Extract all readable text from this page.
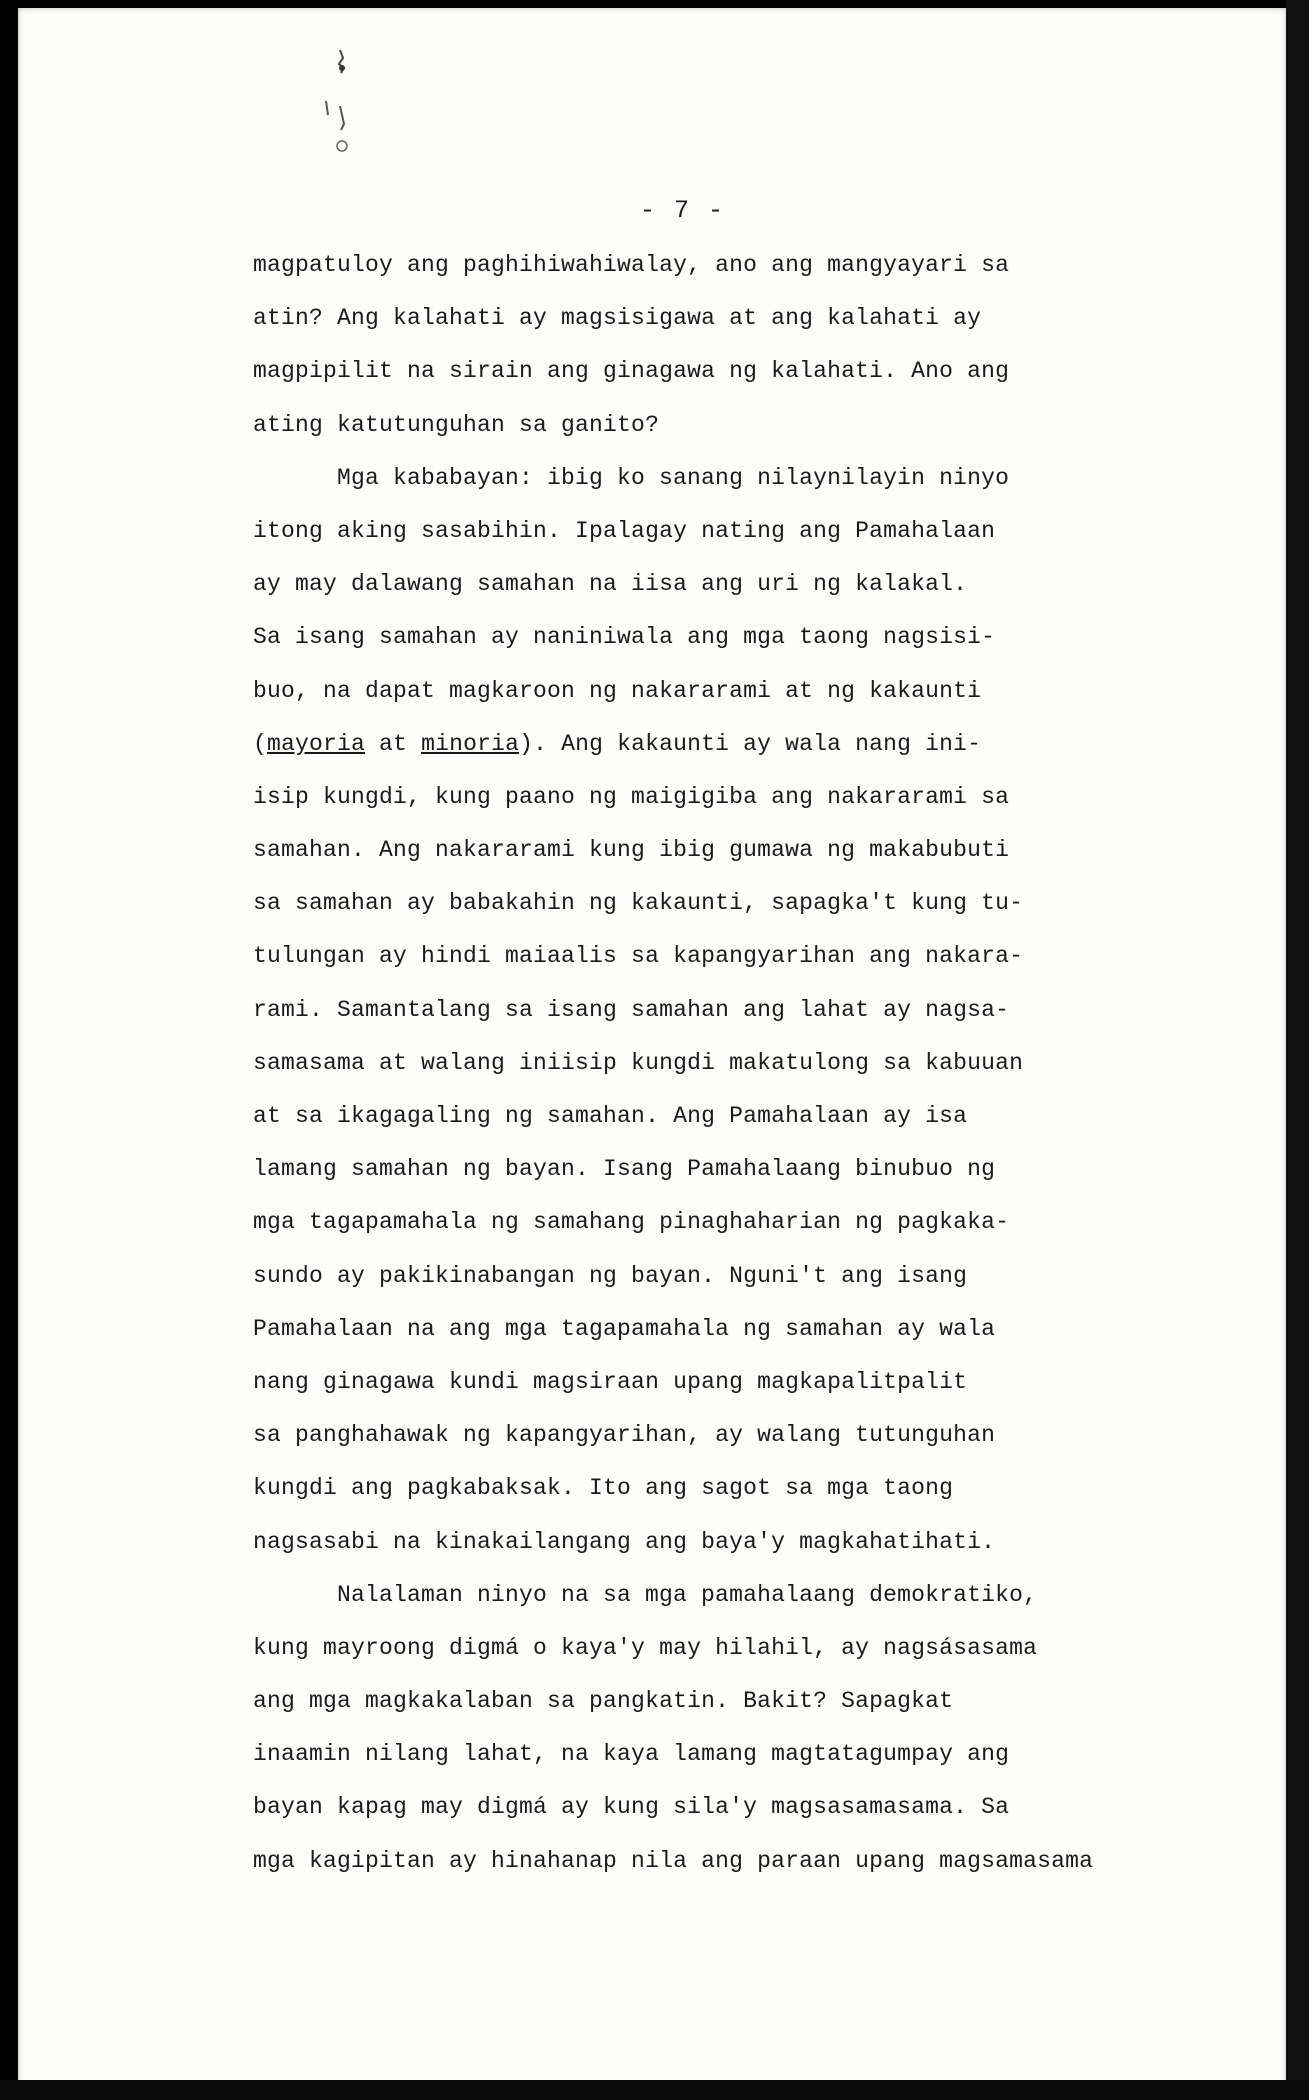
- 7 -
magpatuloy ang paghihiwahiwalay, ano ang mangyayari sa
atin? Ang kalahati ay magsisigawa at ang kalahati ay
magpipilit na sirain ang ginagawa ng kalahati. Ano ang
ating katutunguhan sa ganito?
Mga kababayan: ibig ko sanang nilaynilayin ninyo
itong aking sasabihin. Ipalagay nating ang Pamahalaan
ay may dalawang samahan na iisa ang uri ng kalakal.
Sa isang samahan ay naniniwala ang mga taong nagsisi-
buo, na dapat magkaroon ng nakararami at ng kakaunti
(mayoria at minoria). Ang kakaunti ay wala nang ini-
isip kungdi, kung paano ng maigigiba ang nakararami sa
samahan. Ang nakararami kung ibig gumawa ng makabubuti
sa samahan ay babakahin ng kakaunti, sapagka't kung tu-
tulungan ay hindi maiaalis sa kapangyarihan ang nakara-
rami. Samantalang sa isang samahan ang lahat ay nagsa-
samasama at walang iniisip kungdi makatulong sa kabuuan
at sa ikagagaling ng samahan. Ang Pamahalaan ay isa
lamang samahan ng bayan. Isang Pamahalaang binubuo ng
mga tagapamahala ng samahang pinaghaharian ng pagkaka-
sundo ay pakikinabangan ng bayan. Nguni't ang isang
Pamahalaan na ang mga tagapamahala ng samahan ay wala
nang ginagawa kundi magsiraan upang magkapalitpalit
sa panghahawak ng kapangyarihan, ay walang tutunguhan
kungdi ang pagkabaksak. Ito ang sagot sa mga taong
nagsasabi na kinakailangang ang baya'y magkahatihati.
Nalalaman ninyo na sa mga pamahalaang demokratiko,
kung mayroong digmá o kaya'y may hilahil, ay nagsásasama
ang mga magkakalaban sa pangkatin. Bakit? Sapagkat
inaamin nilang lahat, na kaya lamang magtatagumpay ang
bayan kapag may digmá ay kung sila'y magsasamasama. Sa
mga kagipitan ay hinahanap nila ang paraan upang magsamasama
